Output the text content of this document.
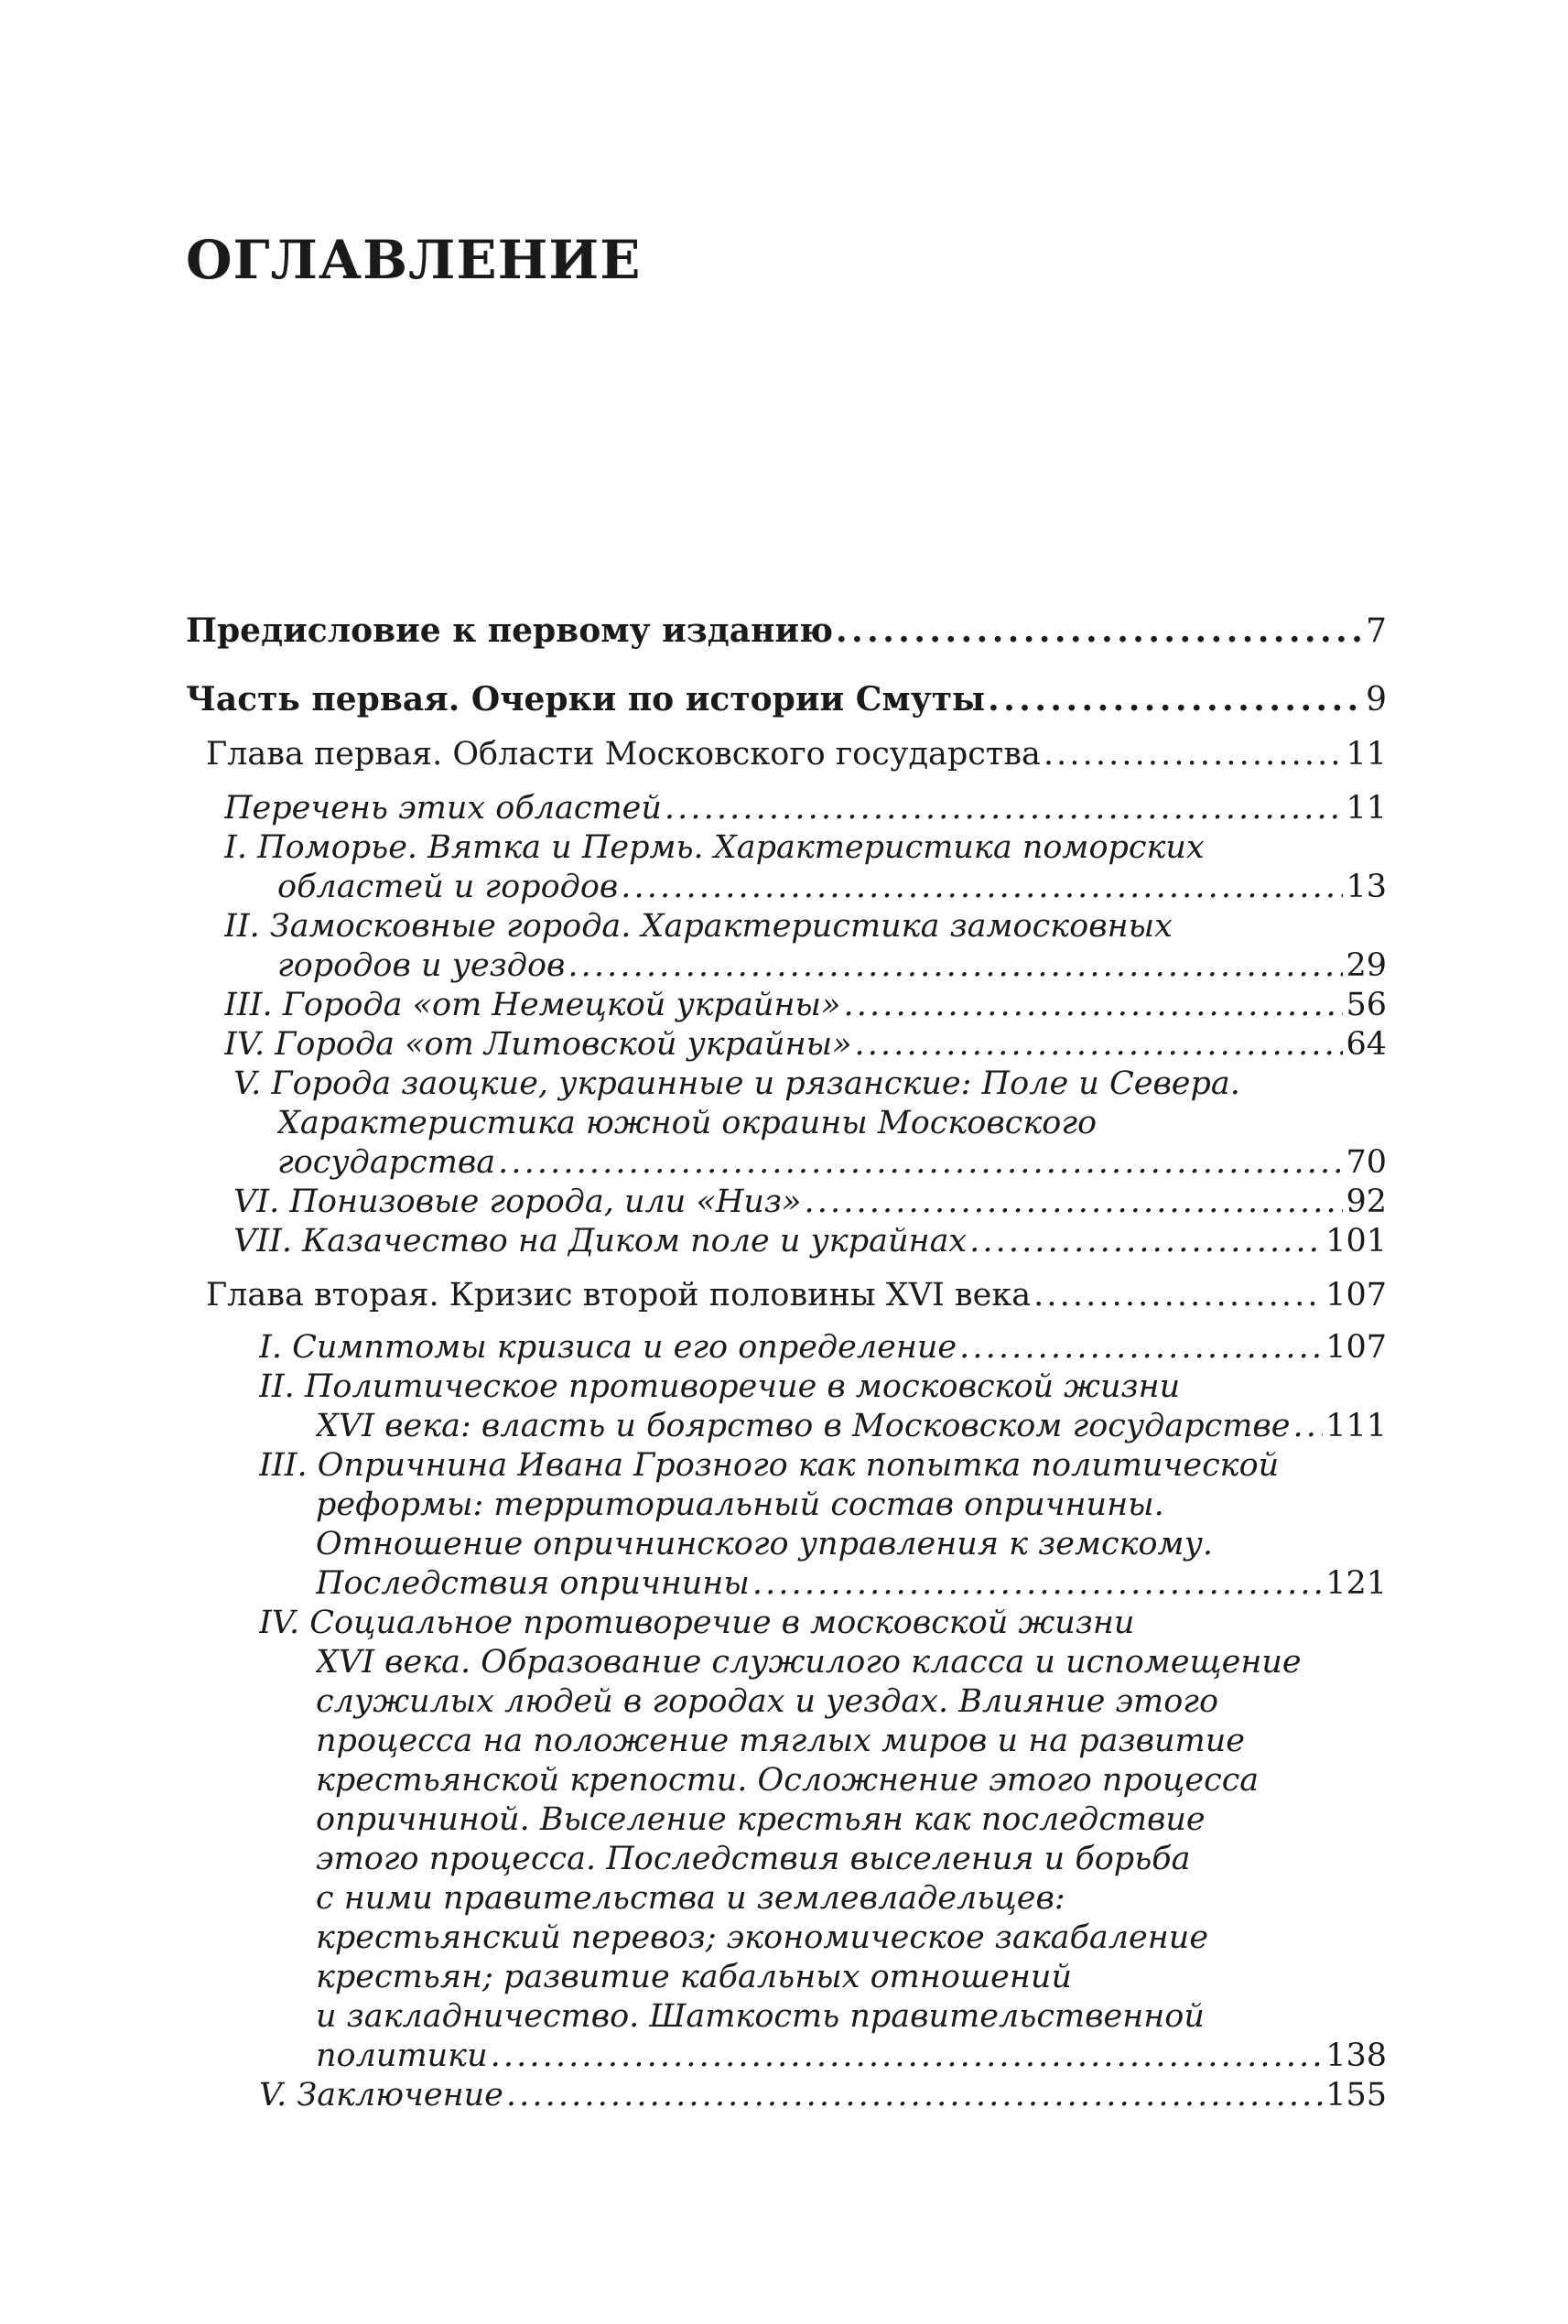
ОГЛАВЛЕНИЕ
Предисловие к первому изданию . . .	7
Часть первая. Очерки по истории Смуты . . .	9
Глава первая. Области Московского государства . . .	11
Перечень этих областей . . .	11
I. Поморье. Вятка и Пермь. Характеристика поморских
областей и городов . . .	13
II. Замосковные города. Характеристика замосковных
городов и уездов . . .	29
III. Города «от Немецкой украйны» . . .	56
IV. Города «от Литовской украйны» . . .	64
V. Города заоцкие, украинные и рязанские: Поле и Севера.
Характеристика южной окраины Московского
государства . . .	70
VI. Понизовые города, или «Низ» . . .	92
VII. Казачество на Диком поле и украйнах . . .	101
Глава вторая. Кризис второй половины XVI века . . .	107
I. Симптомы кризиса и его определение . . .	107
II. Политическое противоречие в московской жизни
XVI века: власть и боярство в Московском государстве . . . 111
III. Опричнина Ивана Грозного как попытка политической
реформы: территориальный состав опричнины.
Отношение опричнинского управления к земскому.
Последствия опричнины . . .	121
IV. Социальное противоречие в московской жизни
XVI века. Образование служилого класса и испомещение
служилых людей в городах и уездах. Влияние этого
процесса на положение тяглых миров и на развитие
крестьянской крепости. Осложнение этого процесса
опричниной. Выселение крестьян как последствие
этого процесса. Последствия выселения и борьба
с ними правительства и землевладельцев:
крестьянский перевоз; экономическое закабаление
крестьян; развитие кабальных отношений
и закладничество. Шаткость правительственной
политики . . .	138
V. Заключение . . .	155
